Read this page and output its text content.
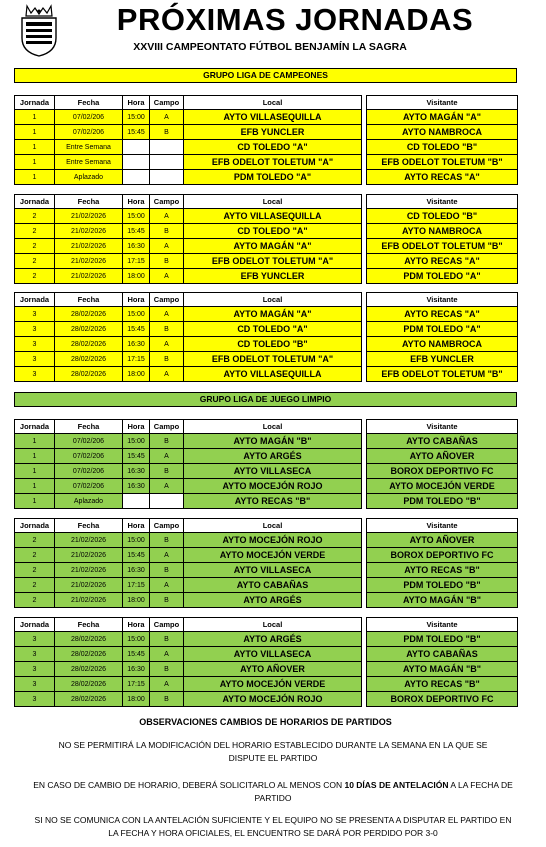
PRÓXIMAS JORNADAS
XXVIII CAMPEONTATO FÚTBOL BENJAMÍN LA SAGRA
GRUPO LIGA DE CAMPEONES
Jornada	Fecha	Hora	Campo	Local		Visitante
1	07/02/206	15:00	A	AYTO VILLASEQUILLA		AYTO MAGÁN "A"
1	07/02/206	15:45	B	EFB YUNCLER		AYTO NAMBROCA
1	Entre Semana			CD TOLEDO "A"		CD TOLEDO "B"
1	Entre Semana			EFB ODELOT TOLETUM "A"		EFB ODELOT TOLETUM "B"
1	Aplazado			PDM TOLEDO "A"		AYTO RECAS "A"
Jornada	Fecha	Hora	Campo	Local		Visitante
2	21/02/2026	15:00	A	AYTO VILLASEQUILLA		CD TOLEDO "B"
2	21/02/2026	15:45	B	CD TOLEDO "A"		AYTO NAMBROCA
2	21/02/2026	16:30	A	AYTO MAGÁN "A"		EFB ODELOT TOLETUM "B"
2	21/02/2026	17:15	B	EFB ODELOT TOLETUM "A"		AYTO RECAS "A"
2	21/02/2026	18:00	A	EFB YUNCLER		PDM TOLEDO "A"
Jornada	Fecha	Hora	Campo	Local		Visitante
3	28/02/2026	15:00	A	AYTO MAGÁN "A"		AYTO RECAS "A"
3	28/02/2026	15:45	B	CD TOLEDO "A"		PDM TOLEDO "A"
3	28/02/2026	16:30	A	CD TOLEDO "B"		AYTO NAMBROCA
3	28/02/2026	17:15	B	EFB ODELOT TOLETUM "A"		EFB YUNCLER
3	28/02/2026	18:00	A	AYTO VILLASEQUILLA		EFB ODELOT TOLETUM "B"
GRUPO LIGA DE JUEGO LIMPIO
Jornada	Fecha	Hora	Campo	Local		Visitante
1	07/02/206	15:00	B	AYTO MAGÁN "B"		AYTO CABAÑAS
1	07/02/206	15:45	A	AYTO ARGÉS		AYTO AÑOVER
1	07/02/206	16:30	B	AYTO VILLASECA		BOROX DEPORTIVO FC
1	07/02/206	16:30	A	AYTO MOCEJÓN ROJO		AYTO MOCEJÓN VERDE
1	Aplazado			AYTO RECAS "B"		PDM TOLEDO "B"
Jornada	Fecha	Hora	Campo	Local		Visitante
2	21/02/2026	15:00	B	AYTO MOCEJÓN ROJO		AYTO AÑOVER
2	21/02/2026	15:45	A	AYTO MOCEJÓN VERDE		BOROX DEPORTIVO FC
2	21/02/2026	16:30	B	AYTO VILLASECA		AYTO RECAS "B"
2	21/02/2026	17:15	A	AYTO CABAÑAS		PDM TOLEDO "B"
2	21/02/2026	18:00	B	AYTO ARGÉS		AYTO MAGÁN "B"
Jornada	Fecha	Hora	Campo	Local		Visitante
3	28/02/2026	15:00	B	AYTO ARGÉS		PDM TOLEDO "B"
3	28/02/2026	15:45	A	AYTO VILLASECA		AYTO CABAÑAS
3	28/02/2026	16:30	B	AYTO AÑOVER		AYTO MAGÁN "B"
3	28/02/2026	17:15	A	AYTO MOCEJÓN VERDE		AYTO RECAS "B"
3	28/02/2026	18:00	B	AYTO MOCEJÓN ROJO		BOROX DEPORTIVO FC
OBSERVACIONES CAMBIOS DE HORARIOS DE PARTIDOS
NO SE PERMITIRÁ LA MODIFICACIÓN DEL HORARIO ESTABLECIDO DURANTE LA SEMANA EN LA QUE SE DISPUTE EL PARTIDO
EN CASO DE CAMBIO DE HORARIO, DEBERÁ SOLICITARLO AL MENOS CON 10 DÍAS DE ANTELACIÓN A LA FECHA DE PARTIDO
SI NO SE COMUNICA CON LA ANTELACIÓN SUFICIENTE Y EL EQUIPO NO SE PRESENTA A DISPUTAR EL PARTIDO EN LA FECHA Y HORA OFICIALES, EL ENCUENTRO SE DARÁ POR PERDIDO POR 3-0
